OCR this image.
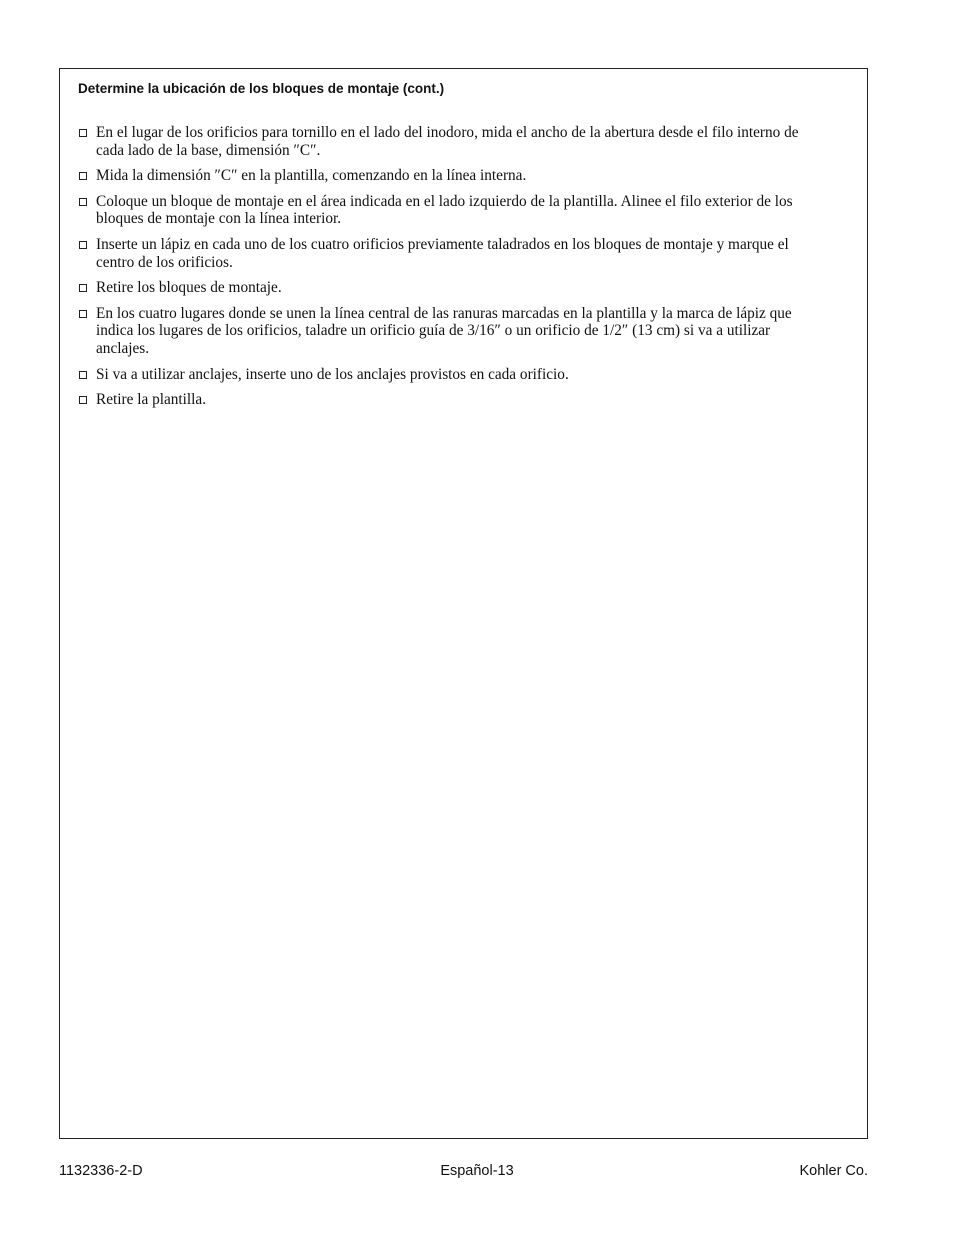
Determine la ubicación de los bloques de montaje (cont.)
En el lugar de los orificios para tornillo en el lado del inodoro, mida el ancho de la abertura desde el filo interno de cada lado de la base, dimensión ″C″.
Mida la dimensión ″C″ en la plantilla, comenzando en la línea interna.
Coloque un bloque de montaje en el área indicada en el lado izquierdo de la plantilla. Alinee el filo exterior de los bloques de montaje con la línea interior.
Inserte un lápiz en cada uno de los cuatro orificios previamente taladrados en los bloques de montaje y marque el centro de los orificios.
Retire los bloques de montaje.
En los cuatro lugares donde se unen la línea central de las ranuras marcadas en la plantilla y la marca de lápiz que indica los lugares de los orificios, taladre un orificio guía de 3/16″ o un orificio de 1/2″ (13 cm) si va a utilizar anclajes.
Si va a utilizar anclajes, inserte uno de los anclajes provistos en cada orificio.
Retire la plantilla.
1132336-2-D	Español-13	Kohler Co.
